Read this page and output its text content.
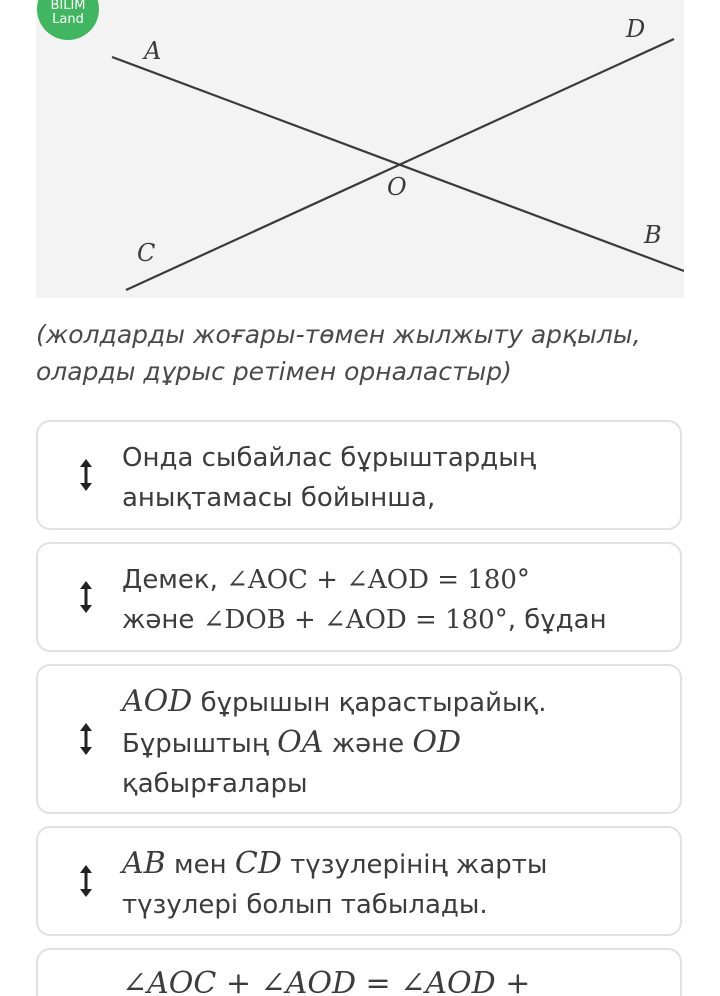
A
D
O
C
B
BILIM
Land
(жолдарды жоғары-төмен жылжыту арқылы, оларды дұрыс ретімен орналастыр)
Онда сыбайлас бұрыштардың
анықтамасы бойынша,
Демек, ∠AOC + ∠AOD = 180°
және ∠DOB + ∠AOD = 180°, бұдан
AOD бұрышын қарастырайық.
Бұрыштың OA және OD
қабырғалары
AB мен CD түзулерінің жарты
түзулері болып табылады.
∠AOC + ∠AOD = ∠AOD +
